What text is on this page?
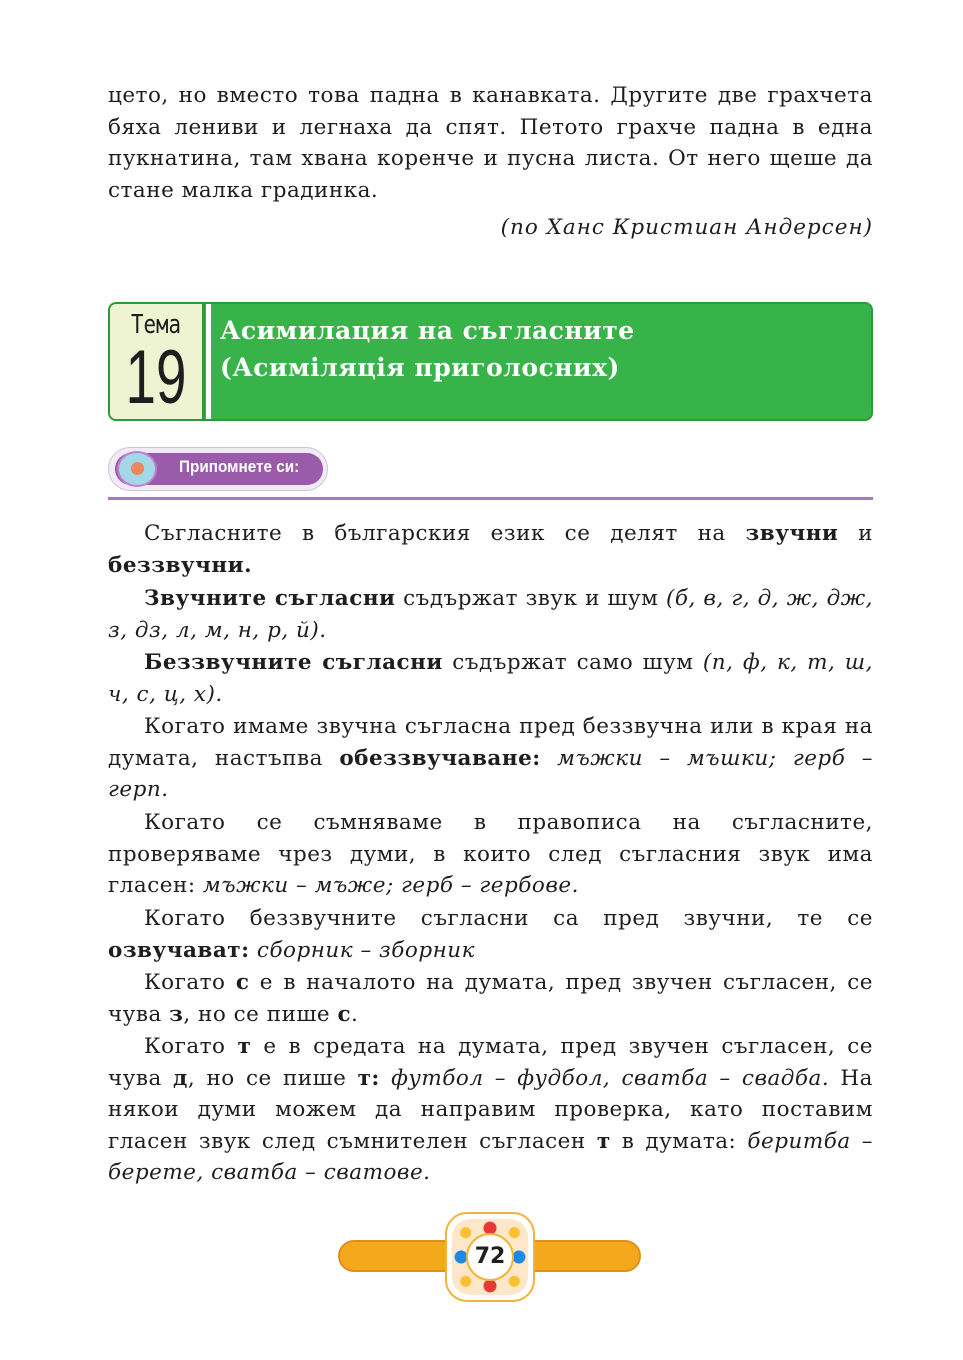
цето, но вместо това падна в канавката. Другите две грахчета бяха лениви и легнаха да спят. Петото грахче падна в една пукнатина, там хвана коренче и пусна листа. От него щеше да стане малка градинка.

(по Ханс Кристиан Андерсен)

Тема
19
Асимилация на съгласните
(Асиміляція приголосних)
Припомнете си:

Съгласните в българския език се делят на звучни и беззвучни.

Звучните съгласни съдържат звук и шум (б, в, г, д, ж, дж, з, дз, л, м, н, р, й).

Беззвучните съгласни съдържат само шум (п, ф, к, т, ш, ч, с, ц, х).

Когато имаме звучна съгласна пред беззвучна или в края на думата, настъпва обеззвучаване: мъжки – мъшки; герб – герп.

Когато се съмняваме в правописа на съгласните, проверяваме чрез думи, в които след съгласния звук има гласен: мъжки – мъже; герб – гербове.

Когато беззвучните съгласни са пред звучни, те се озвучават: сборник – зборник

Когато с е в началото на думата, пред звучен съгласен, се чува з, но се пише с.

Когато т е в средата на думата, пред звучен съгласен, се чува д, но се пише т: футбол – фудбол, сватба – свадба. На някои думи можем да направим проверка, като поставим гласен звук след съмнителен съгласен т в думата: беритба – берете, сватба – сватове.

72
